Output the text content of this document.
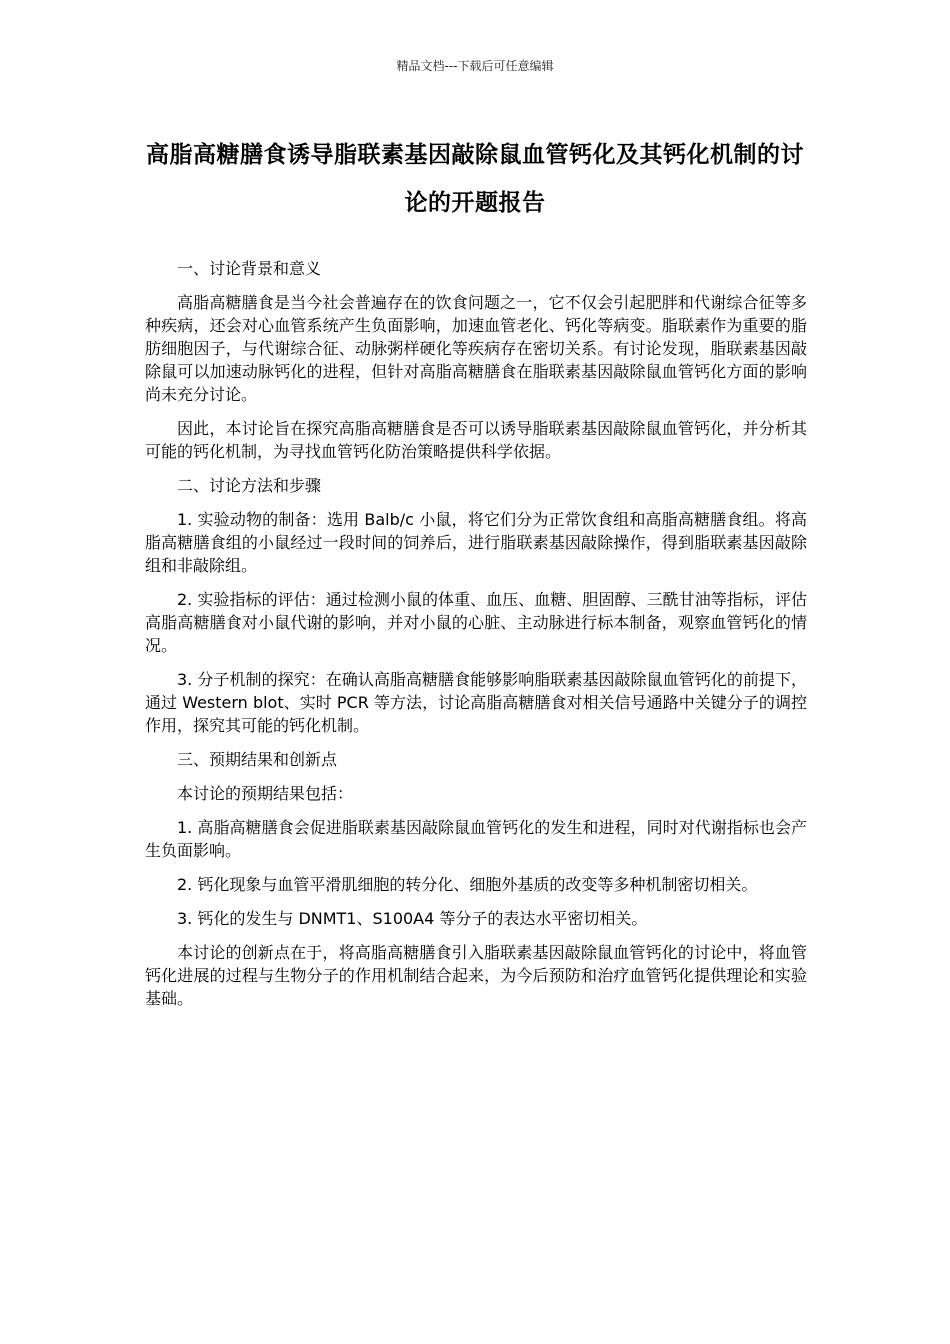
精品文档---下载后可任意编辑
高脂高糖膳食诱导脂联素基因敲除鼠血管钙化及其钙化机制的讨论的开题报告

一、讨论背景和意义

高脂高糖膳食是当今社会普遍存在的饮食问题之一，它不仅会引起肥胖和代谢综合征等多种疾病，还会对心血管系统产生负面影响，加速血管老化、钙化等病变。脂联素作为重要的脂肪细胞因子，与代谢综合征、动脉粥样硬化等疾病存在密切关系。有讨论发现，脂联素基因敲除鼠可以加速动脉钙化的进程，但针对高脂高糖膳食在脂联素基因敲除鼠血管钙化方面的影响尚未充分讨论。

因此，本讨论旨在探究高脂高糖膳食是否可以诱导脂联素基因敲除鼠血管钙化，并分析其可能的钙化机制，为寻找血管钙化防治策略提供科学依据。

二、讨论方法和步骤

1. 实验动物的制备：选用 Balb/c 小鼠，将它们分为正常饮食组和高脂高糖膳食组。将高脂高糖膳食组的小鼠经过一段时间的饲养后，进行脂联素基因敲除操作，得到脂联素基因敲除组和非敲除组。

2. 实验指标的评估：通过检测小鼠的体重、血压、血糖、胆固醇、三酰甘油等指标，评估高脂高糖膳食对小鼠代谢的影响，并对小鼠的心脏、主动脉进行标本制备，观察血管钙化的情况。

3. 分子机制的探究：在确认高脂高糖膳食能够影响脂联素基因敲除鼠血管钙化的前提下，通过 Western blot、实时 PCR 等方法，讨论高脂高糖膳食对相关信号通路中关键分子的调控作用，探究其可能的钙化机制。

三、预期结果和创新点

本讨论的预期结果包括：

1. 高脂高糖膳食会促进脂联素基因敲除鼠血管钙化的发生和进程，同时对代谢指标也会产生负面影响。

2. 钙化现象与血管平滑肌细胞的转分化、细胞外基质的改变等多种机制密切相关。

3. 钙化的发生与 DNMT1、S100A4 等分子的表达水平密切相关。

本讨论的创新点在于，将高脂高糖膳食引入脂联素基因敲除鼠血管钙化的讨论中，将血管钙化进展的过程与生物分子的作用机制结合起来，为今后预防和治疗血管钙化提供理论和实验基础。
